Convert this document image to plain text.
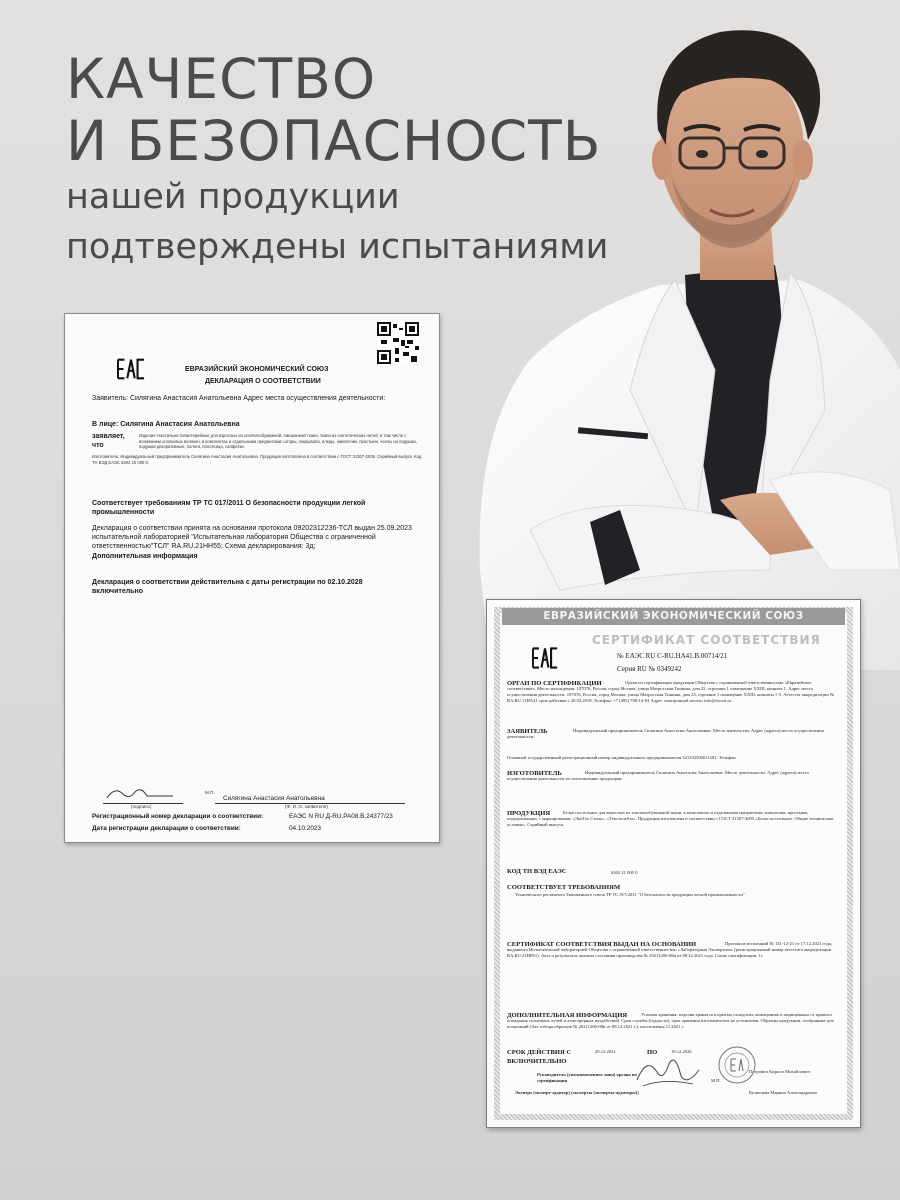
КАЧЕСТВО
И БЕЗОПАСНОСТЬ
нашей продукции
подтверждены испытаниями
ЕВРАЗИЙСКИЙ ЭКОНОМИЧЕСКИЙ СОЮЗ
ДЕКЛАРАЦИЯ О СООТВЕТСТВИИ
Заявитель: Силягина Анастасия Анатольевна Адрес места осуществления деятельности:
В лице: Силягина Анастасия Анатольевна
заявляет, что
Изделия текстильно-галантерейные для взрослых из хлопчатобумажной, смешанной ткани, ткани из синтетических нитей, в том числе с вложением хлопковых волокон, в комплектах и отдельными предметами: шторы, покрывала, пледы, наволочки, простыни, чехлы на подушки, подушки декоративные, пологи, полотенца, салфетки.
Изготовитель: Индивидуальный предприниматель Силягина Анастасия Анатольевна. Продукция изготовлена в соответствии с ГОСТ 31307-2005. Серийный выпуск. Код ТН ВЭД ЕАЭС 6302 10 000 0.
Соответствует требованиям ТР ТС 017/2011 О безопасности продукции легкой промышленности
Декларация о соответствии принята на основании протокола 09202312236-ТСЛ выдан 25.09.2023 испытательной лабораторией "Испытательная лаборатория Общества с ограниченной ответственностью"ТСЛ" RA.RU.21НН55; Схема декларирования: 3д;
Дополнительная информация
Декларация о соответствии действительна с даты регистрации по 02.10.2028 включительно
М.П.
(подпись)
Силягина Анастасия Анатольевна
(Ф. И. О. заявителя)
Регистрационный номер декларации о соответствии:	ЕАЭС N RU Д-RU.PA08.B.24377/23
Дата регистрации декларации о соответствии:	04.10.2023
ЕВРАЗИЙСКИЙ ЭКОНОМИЧЕСКИЙ СОЮЗ
СЕРТИФИКАТ СООТВЕТСТВИЯ
№ ЕАЭС RU С-RU.HA41.B.00714/21
Серия RU № 0349242
ОРГАН ПО СЕРТИФИКАЦИИ	Орган по сертификации продукции Общества с ограниченной ответственностью «Евразийское соответствие». Место нахождения: 107076, Россия, город Москва, улица Матросская Тишина, дом 23, строение 1 помещение XXIII, комната 1. Адрес места осуществления деятельности: 107076, Россия, город Москва, улица Матросская Тишина, дом 23, строение 1 помещение XXIII, комнаты 1-5. Аттестат аккредитации № RA.RU.11НА41 срок действия с 20.03.2018. Телефон: +7 (495) 798-14-84 Адрес электронной почты: info@escert.ru
ЗАЯВИТЕЛЬ	Индивидуальный предприниматель Силягина Анастасия Анатольевна. Место жительства. Адрес (адреса) места осуществления деятельности:
Основной государственный регистрационный номер индивидуального предпринимателя 321332500011281. Телефон
ИЗГОТОВИТЕЛЬ	Индивидуальный предприниматель Силягина Анастасия Анатольевна. Место деятельности. Адрес (адреса) места осуществления деятельности по изготовлению продукции:
ПРОДУКЦИЯ	Белье постельное для взрослых из хлопчатобумажной ткани, в комплектах и отдельными предметами: наволочки, простыни, пододеяльники, с маркировками: «ЭкоТех Стиль», «Текстильбэл». Продукция изготовлена в соответствии с ГОСТ 31307-2005 «Белье постельное. Общие технические условия». Серийный выпуск.
КОД ТН ВЭД ЕАЭС	6302 21 000 0
СООТВЕТСТВУЕТ ТРЕБОВАНИЯМ
Технического регламента Таможенного союза ТР ТС 017/2011 "О безопасности продукции легкой промышленности"
СЕРТИФИКАТ СООТВЕТСТВИЯ ВЫДАН НА ОСНОВАНИИ	Протокола испытаний № 131-12-21 от 17.12.2021 года, выданного Испытательной лабораторией Общества с ограниченной ответственностью «Лабораторная Экспертиза» (регистрационный номер аттестата аккредитации RA.RU.21НР61). Акта о результатах анализа состояния производства № 20211206-08и от 08.12.2021 года. Схема сертификации: 1с
ДОПОЛНИТЕЛЬНАЯ ИНФОРМАЦИЯ	Условия хранения: изделия хранятся в крытых складских помещениях в защищенных от прямого попадания солнечных лучей и атмосферных воздействий. Срок службы (годности), срок хранения изготовителем не установлен. Образцы продукции, отобранные для испытаний (Акт отбора образцов № 20211206-08и от 08.12.2021 г.), изготовлены 11.2021 г.
СРОК ДЕЙСТВИЯ С	20.12.2021	ПО	19.12.2026
ВКЛЮЧИТЕЛЬНО
Руководитель (уполномоченное лицо) органа по сертификации
Петрович Кирилл Михайлович
М.П.
Эксперт (эксперт-аудитор) (эксперты (эксперты-аудиторы))	Кузнецова Марина Александровна
